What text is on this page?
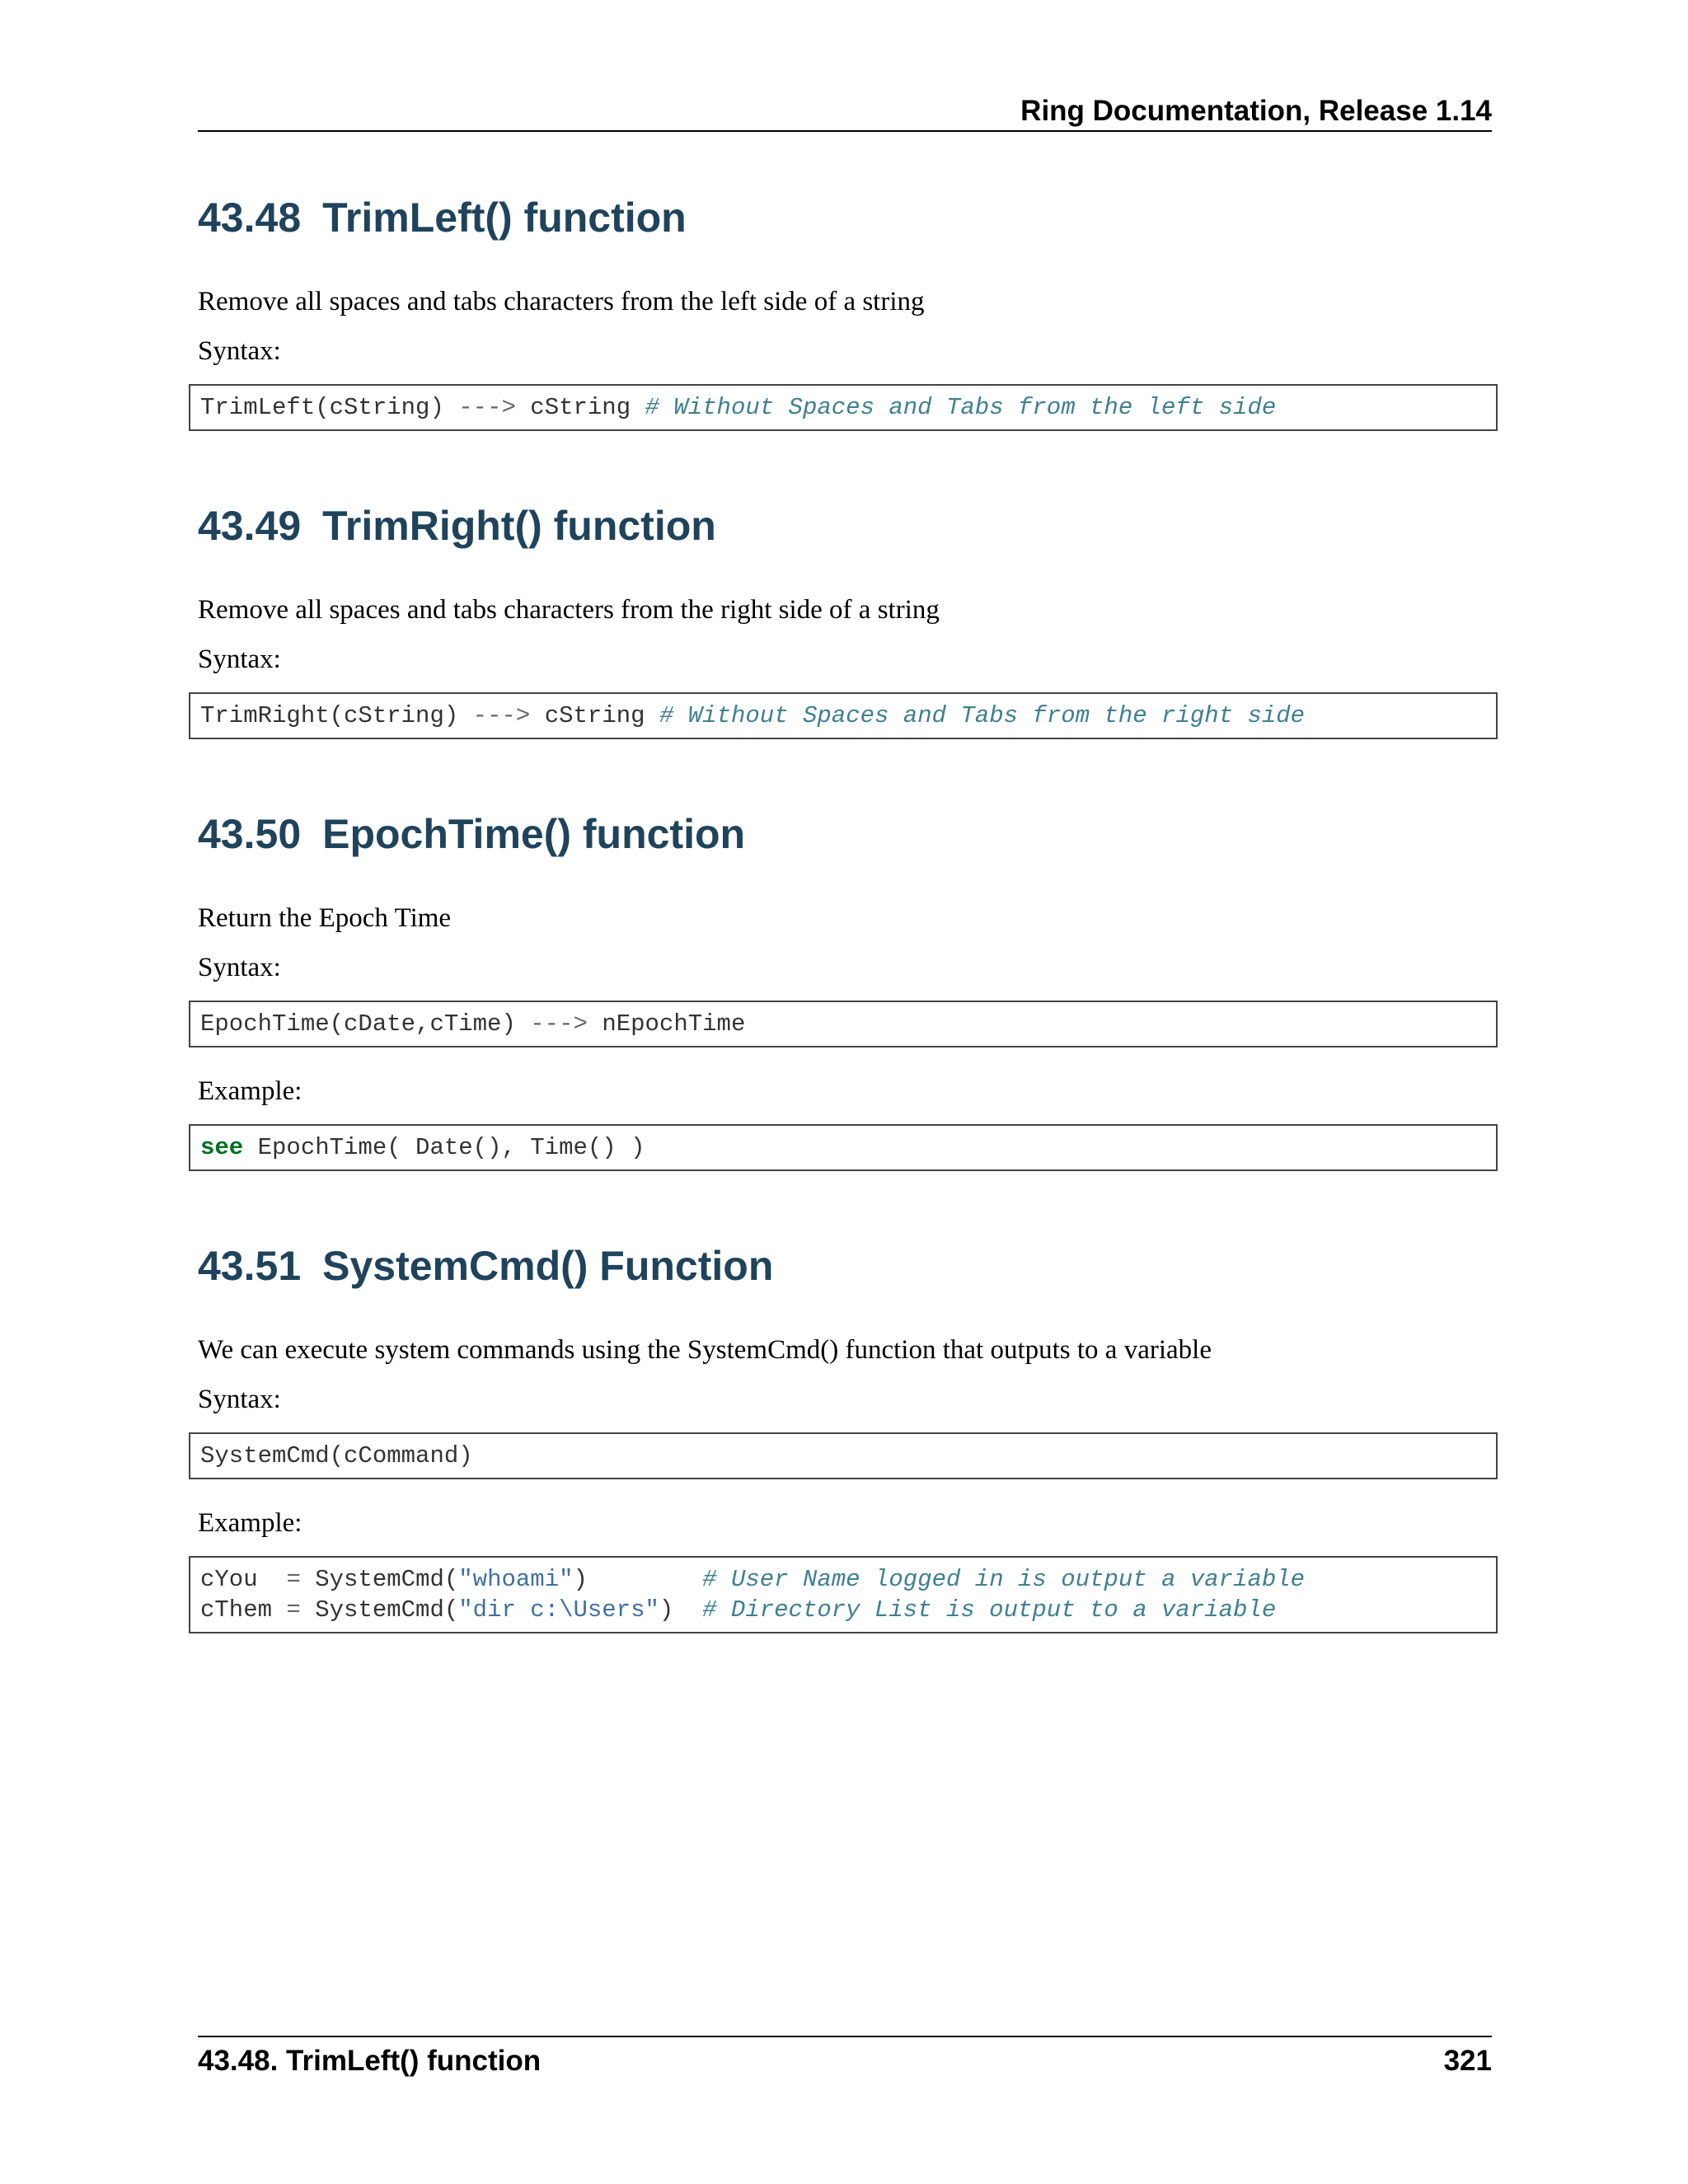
Ring Documentation, Release 1.14
43.48 TrimLeft() function
Remove all spaces and tabs characters from the left side of a string
Syntax:
TrimLeft(cString) ---> cString # Without Spaces and Tabs from the left side
43.49 TrimRight() function
Remove all spaces and tabs characters from the right side of a string
Syntax:
TrimRight(cString) ---> cString # Without Spaces and Tabs from the right side
43.50 EpochTime() function
Return the Epoch Time
Syntax:
EpochTime(cDate,cTime) ---> nEpochTime
Example:
see EpochTime( Date(), Time() )
43.51 SystemCmd() Function
We can execute system commands using the SystemCmd() function that outputs to a variable
Syntax:
SystemCmd(cCommand)
Example:
cYou = SystemCmd("whoami")	# User Name logged in is output a variable
cThem = SystemCmd("dir c:\Users") # Directory List is output to a variable
43.48. TrimLeft() function	321
